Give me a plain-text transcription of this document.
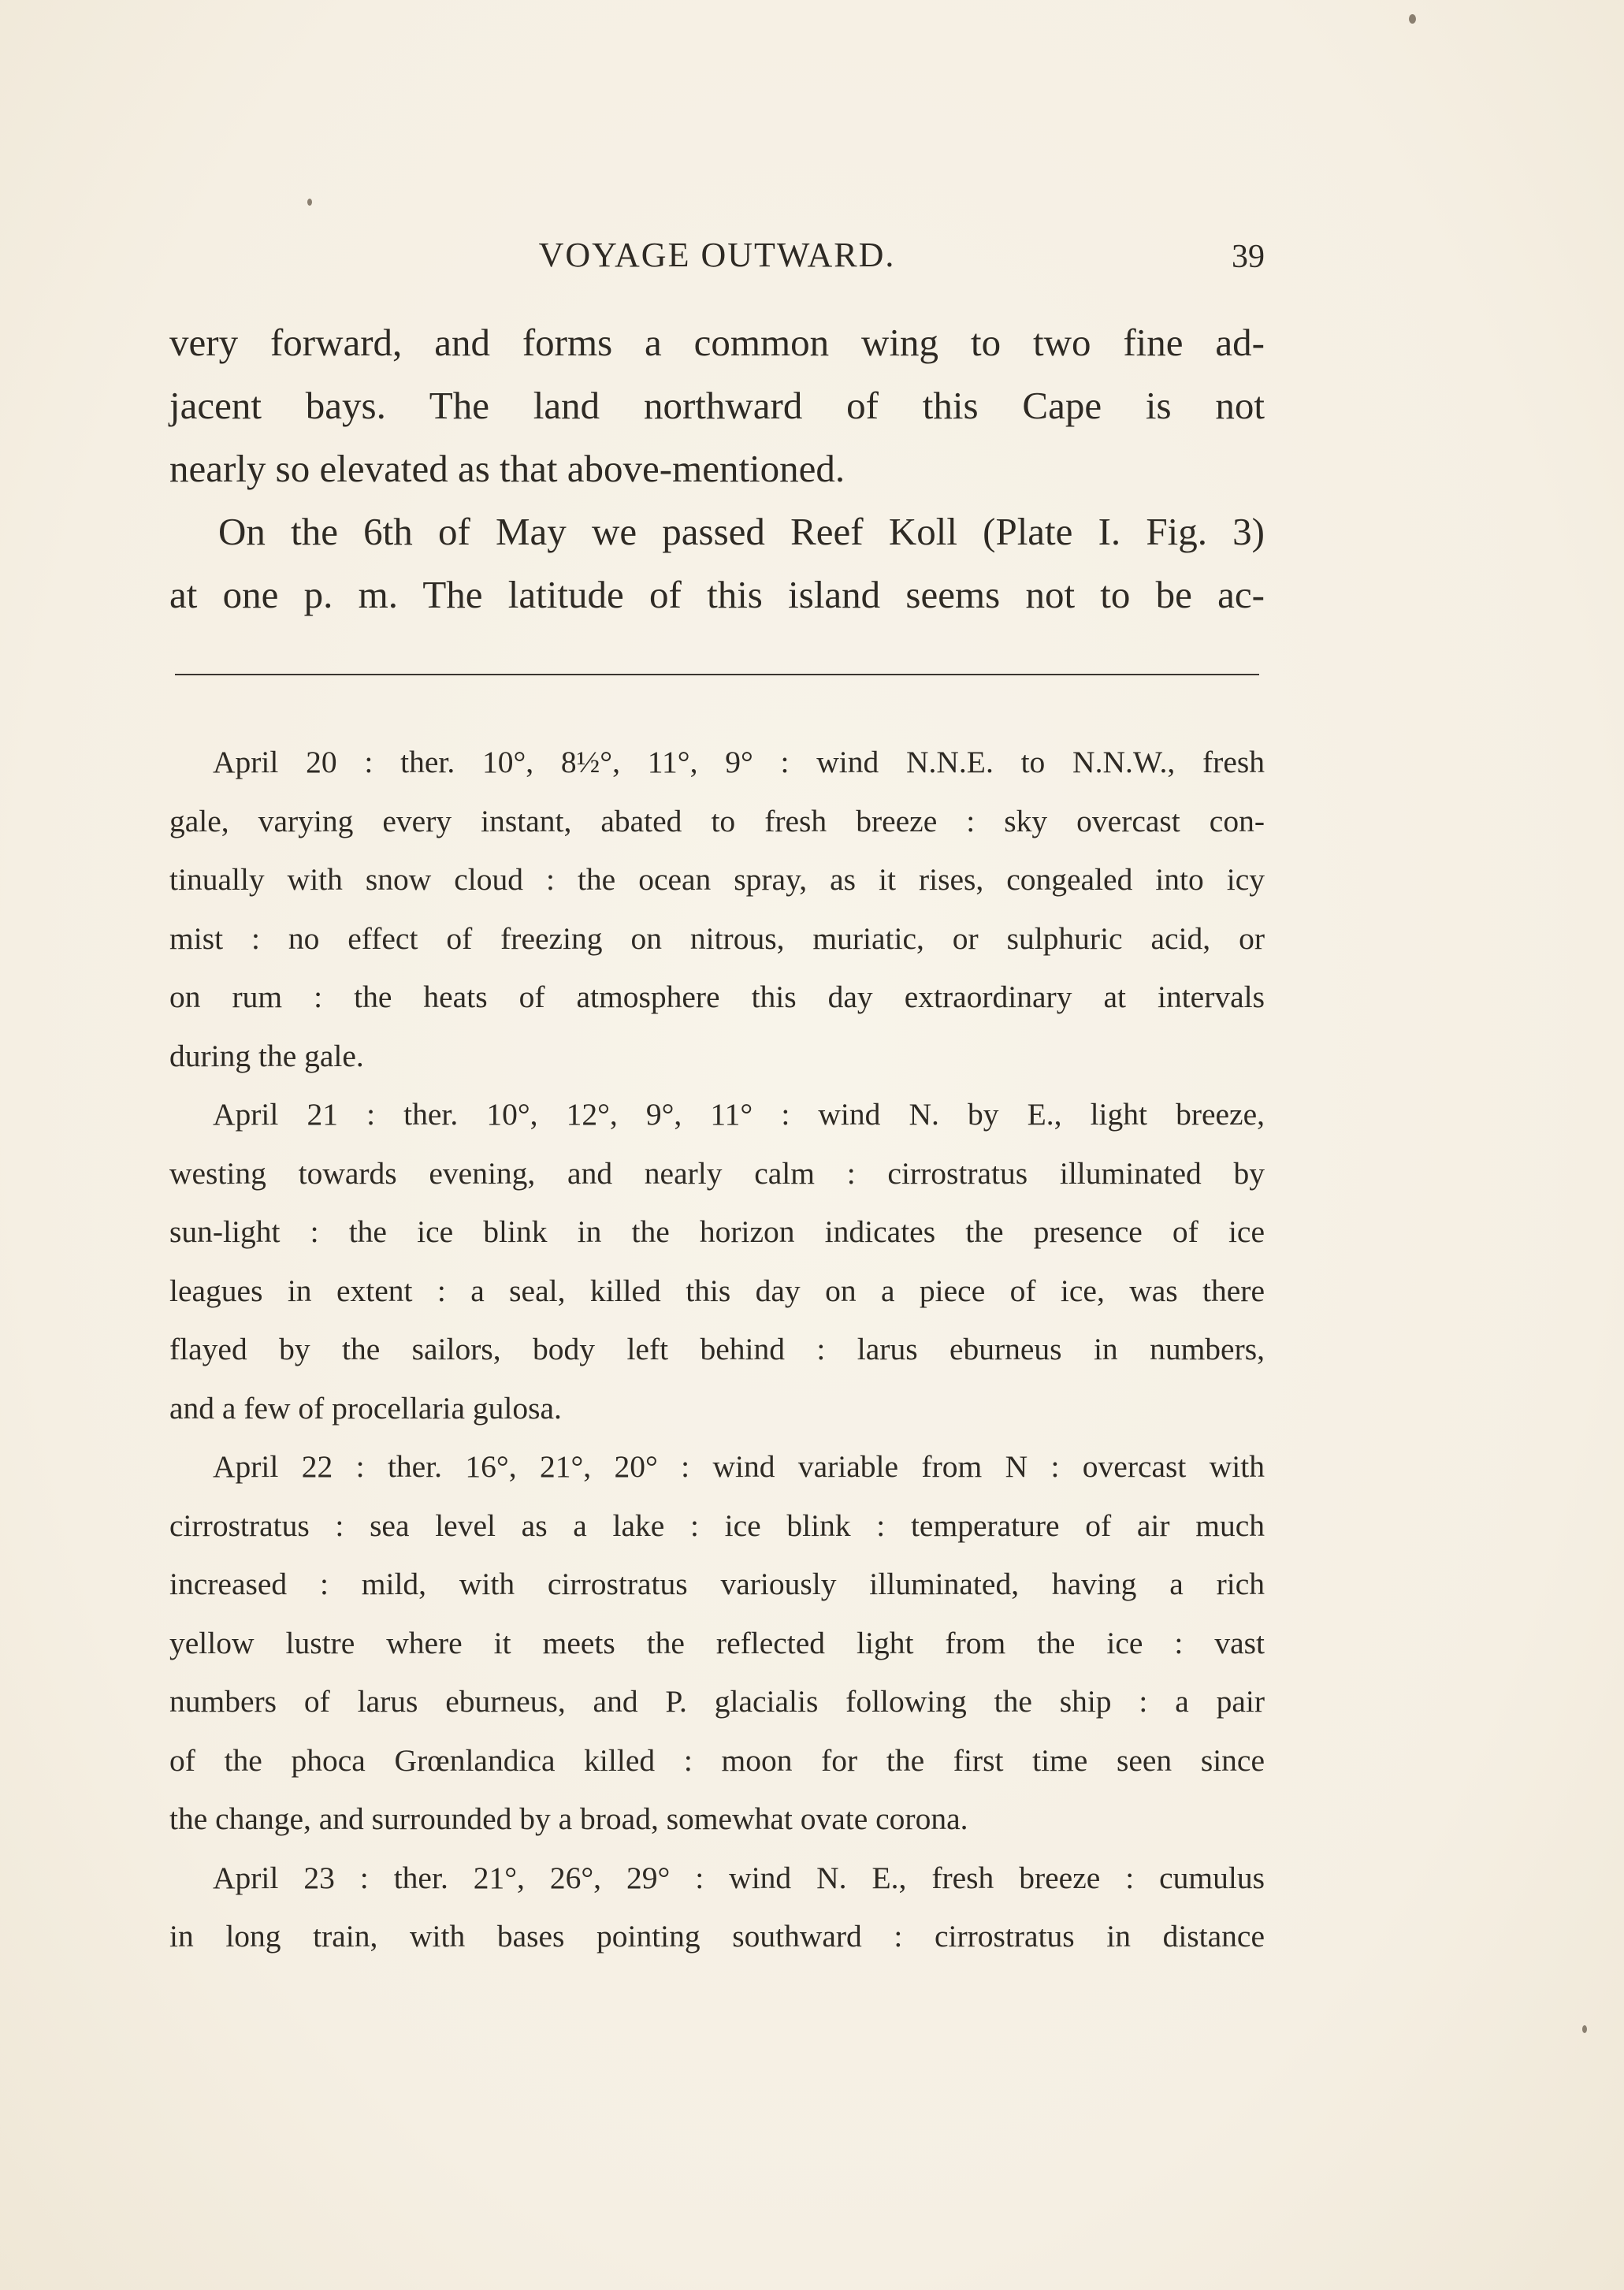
VOYAGE OUTWARD.	39
very forward, and forms a common wing to two fine ad-
jacent bays. The land northward of this Cape is not
nearly so elevated as that above-mentioned.
On the 6th of May we passed Reef Koll (Plate I. Fig. 3)
at one p. m. The latitude of this island seems not to be ac-
April 20 : ther. 10°, 8½°, 11°, 9° : wind N.N.E. to N.N.W., fresh
gale, varying every instant, abated to fresh breeze : sky overcast con-
tinually with snow cloud : the ocean spray, as it rises, congealed into icy
mist : no effect of freezing on nitrous, muriatic, or sulphuric acid, or
on rum : the heats of atmosphere this day extraordinary at intervals
during the gale.
April 21 : ther. 10°, 12°, 9°, 11° : wind N. by E., light breeze,
westing towards evening, and nearly calm : cirrostratus illuminated by
sun-light : the ice blink in the horizon indicates the presence of ice
leagues in extent : a seal, killed this day on a piece of ice, was there
flayed by the sailors, body left behind : larus eburneus in numbers,
and a few of procellaria gulosa.
April 22 : ther. 16°, 21°, 20° : wind variable from N : overcast with
cirrostratus : sea level as a lake : ice blink : temperature of air much
increased : mild, with cirrostratus variously illuminated, having a rich
yellow lustre where it meets the reflected light from the ice : vast
numbers of larus eburneus, and P. glacialis following the ship : a pair
of the phoca Grœnlandica killed : moon for the first time seen since
the change, and surrounded by a broad, somewhat ovate corona.
April 23 : ther. 21°, 26°, 29° : wind N. E., fresh breeze : cumulus
in long train, with bases pointing southward : cirrostratus in distance
